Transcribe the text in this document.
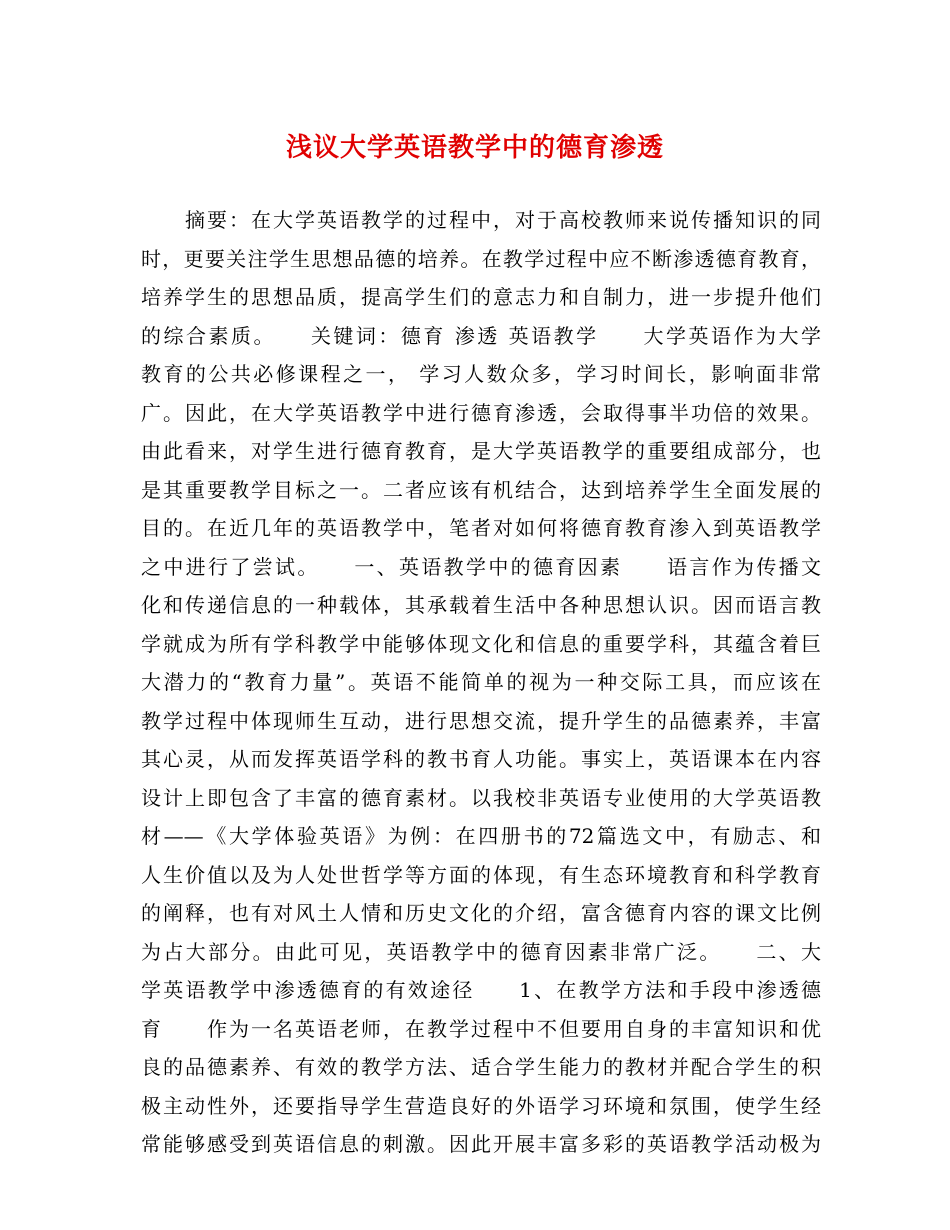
浅议大学英语教学中的德育渗透
　　摘要：在大学英语教学的过程中，对于高校教师来说传播知识的同
时，更要关注学生思想品德的培养。在教学过程中应不断渗透德育教育，
培养学生的思想品质，提高学生们的意志力和自制力，进一步提升他们
的综合素质。　　关键词：德育 渗透 英语教学　　大学英语作为大学
教育的公共必修课程之一， 学习人数众多，学习时间长，影响面非常
广。因此，在大学英语教学中进行德育渗透，会取得事半功倍的效果。
由此看来，对学生进行德育教育，是大学英语教学的重要组成部分，也
是其重要教学目标之一。二者应该有机结合，达到培养学生全面发展的
目的。在近几年的英语教学中，笔者对如何将德育教育渗入到英语教学
之中进行了尝试。　　一、英语教学中的德育因素　　语言作为传播文
化和传递信息的一种载体，其承载着生活中各种思想认识。因而语言教
学就成为所有学科教学中能够体现文化和信息的重要学科，其蕴含着巨
大潜力的“教育力量”。英语不能简单的视为一种交际工具，而应该在
教学过程中体现师生互动，进行思想交流，提升学生的品德素养，丰富
其心灵，从而发挥英语学科的教书育人功能。事实上，英语课本在内容
设计上即包含了丰富的德育素材。以我校非英语专业使用的大学英语教
材——《大学体验英语》为例：在四册书的72篇选文中，有励志、和
人生价值以及为人处世哲学等方面的体现，有生态环境教育和科学教育
的阐释，也有对风土人情和历史文化的介绍，富含德育内容的课文比例
为占大部分。由此可见，英语教学中的德育因素非常广泛。　　二、大
学英语教学中渗透德育的有效途径　　1、在教学方法和手段中渗透德
育　　作为一名英语老师，在教学过程中不但要用自身的丰富知识和优
良的品德素养、有效的教学方法、适合学生能力的教材并配合学生的积
极主动性外，还要指导学生营造良好的外语学习环境和氛围，使学生经
常能够感受到英语信息的刺激。因此开展丰富多彩的英语教学活动极为
